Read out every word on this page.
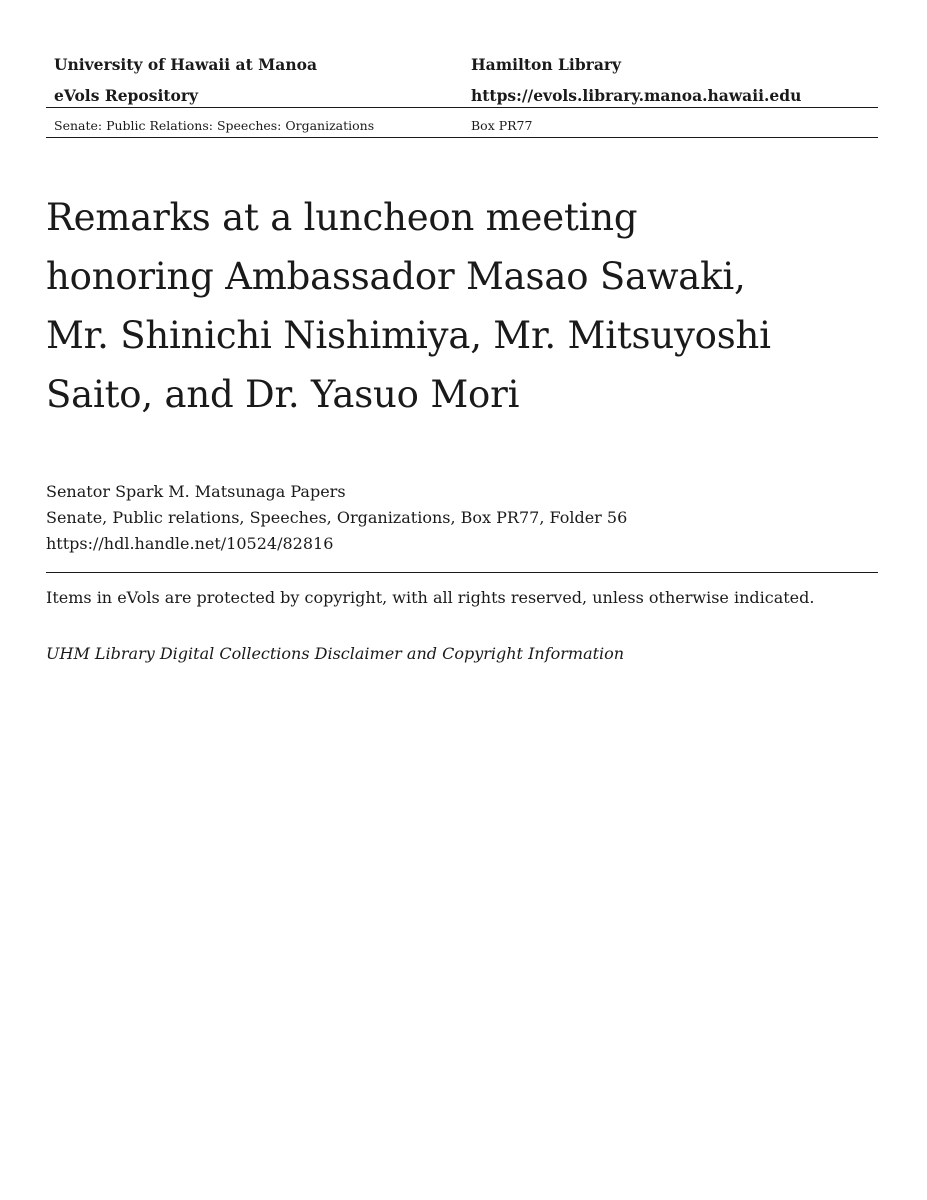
University of Hawaii at Manoa	Hamilton Library
eVols Repository	https://evols.library.manoa.hawaii.edu
Senate: Public Relations: Speeches: Organizations	Box PR77
Remarks at a luncheon meeting honoring Ambassador Masao Sawaki, Mr. Shinichi Nishimiya, Mr. Mitsuyoshi Saito, and Dr. Yasuo Mori
Senator Spark M. Matsunaga Papers
Senate, Public relations, Speeches, Organizations, Box PR77, Folder 56
https://hdl.handle.net/10524/82816
Items in eVols are protected by copyright, with all rights reserved, unless otherwise indicated.
UHM Library Digital Collections Disclaimer and Copyright Information
